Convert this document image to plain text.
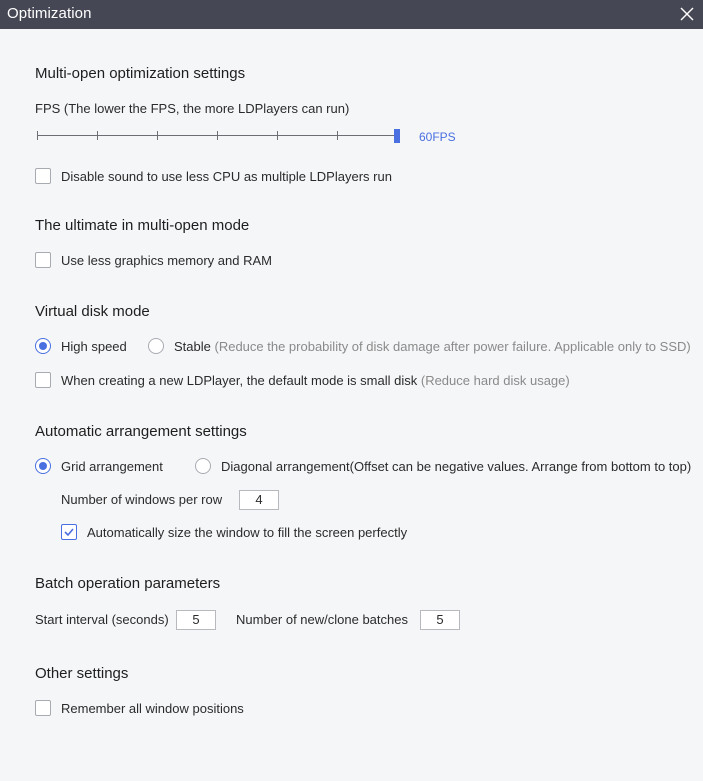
Optimization
Multi-open optimization settings
FPS (The lower the FPS, the more LDPlayers can run)
60FPS
Disable sound to use less CPU as multiple LDPlayers run
The ultimate in multi-open mode
Use less graphics memory and RAM
Virtual disk mode
High speed	Stable (Reduce the probability of disk damage after power failure. Applicable only to SSD)
When creating a new LDPlayer, the default mode is small disk (Reduce hard disk usage)
Automatic arrangement settings
Grid arrangement	Diagonal arrangement(Offset can be negative values. Arrange from bottom to top)
Number of windows per row	4
Automatically size the window to fill the screen perfectly
Batch operation parameters
Start interval (seconds)	5	Number of new/clone batches	5
Other settings
Remember all window positions
